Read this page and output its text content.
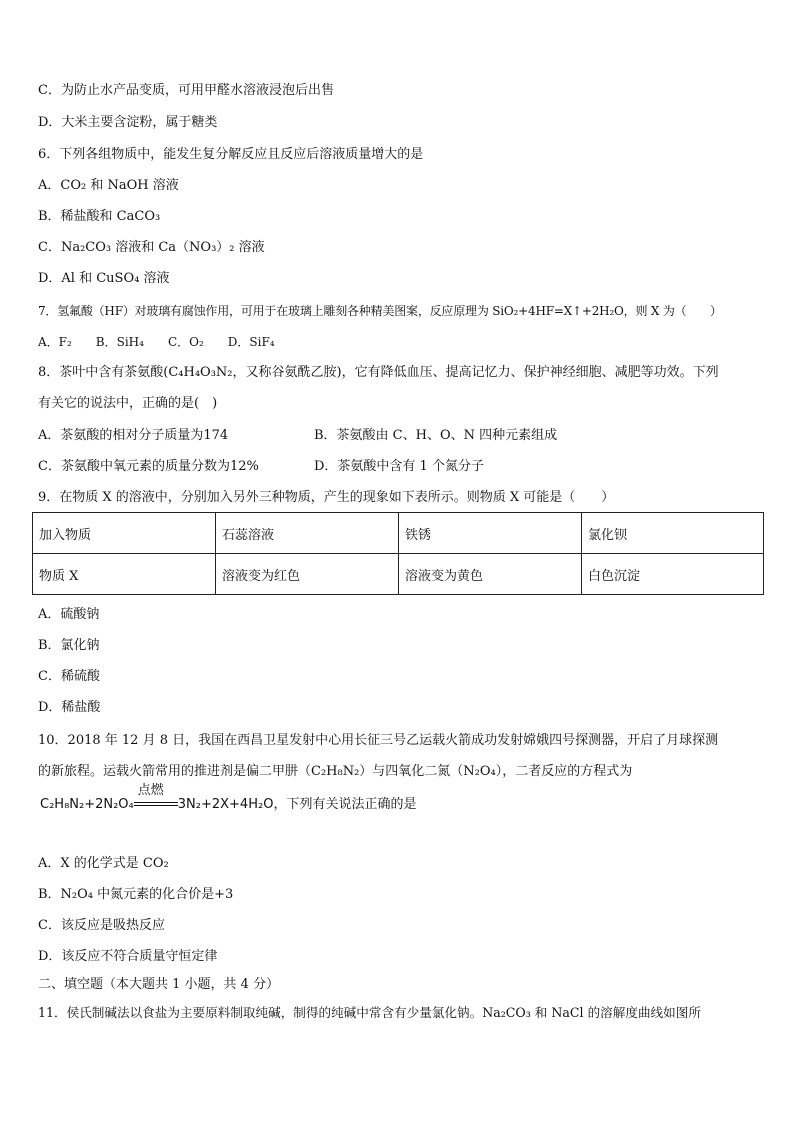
C．为防止水产品变质，可用甲醛水溶液浸泡后出售
D．大米主要含淀粉，属于糖类
6．下列各组物质中，能发生复分解反应且反应后溶液质量增大的是
A．CO₂ 和 NaOH 溶液
B．稀盐酸和 CaCO₃
C．Na₂CO₃ 溶液和 Ca（NO₃）₂ 溶液
D．Al 和 CuSO₄ 溶液
7．氢氟酸（HF）对玻璃有腐蚀作用，可用于在玻璃上雕刻各种精美图案，反应原理为 SiO₂+4HF=X↑+2H₂O，则 X 为（　　）
A．F₂　　B．SiH₄　　C．O₂　　D．SiF₄
8．茶叶中含有茶氨酸(C₄H₄O₃N₂，又称谷氨酰乙胺)，它有降低血压、提高记忆力、保护神经细胞、减肥等功效。下列
有关它的说法中，正确的是(　)
A．茶氨酸的相对分子质量为174	B．茶氨酸由 C、H、O、N 四种元素组成
C．茶氨酸中氧元素的质量分数为12%	D．茶氨酸中含有 1 个氮分子
9．在物质 X 的溶液中，分别加入另外三种物质，产生的现象如下表所示。则物质 X 可能是（　　）
加入物质	石蕊溶液	铁锈	氯化钡
物质 X	溶液变为红色	溶液变为黄色	白色沉淀
A．硫酸钠
B．氯化钠
C．稀硫酸
D．稀盐酸
10．2018 年 12 月 8 日，我国在西昌卫星发射中心用长征三号乙运载火箭成功发射嫦娥四号探测器，开启了月球探测
的新旅程。运载火箭常用的推进剂是偏二甲肼（C₂H₈N₂）与四氧化二氮（N₂O₄），二者反应的方程式为
C₂H₈N₂+2N₂O₄
点燃
3N₂+2X+4H₂O，下列有关说法正确的是
A．X 的化学式是 CO₂
B．N₂O₄ 中氮元素的化合价是+3
C．该反应是吸热反应
D．该反应不符合质量守恒定律
二、填空题（本大题共 1 小题，共 4 分）
11．侯氏制碱法以食盐为主要原料制取纯碱，制得的纯碱中常含有少量氯化钠。Na₂CO₃ 和 NaCl 的溶解度曲线如图所
